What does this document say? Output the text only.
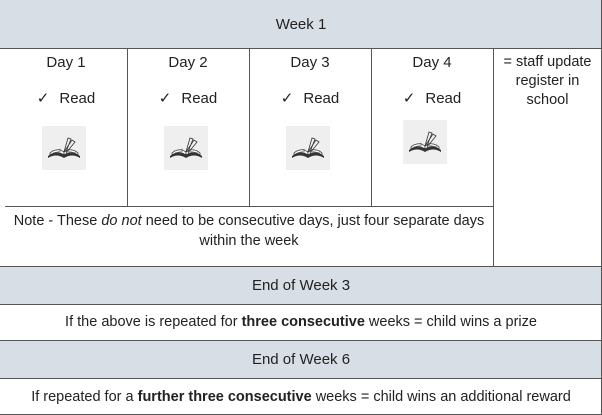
Week 1
Day 1
✓ Read
Day 2
✓ Read
Day 3
✓ Read
Day 4
✓ Read
= staff update register in school
Note - These do not need to be consecutive days, just four separate days within the week
End of Week 3
If the above is repeated for three consecutive weeks = child wins a prize
End of Week 6
If repeated for a further three consecutive weeks = child wins an additional reward
